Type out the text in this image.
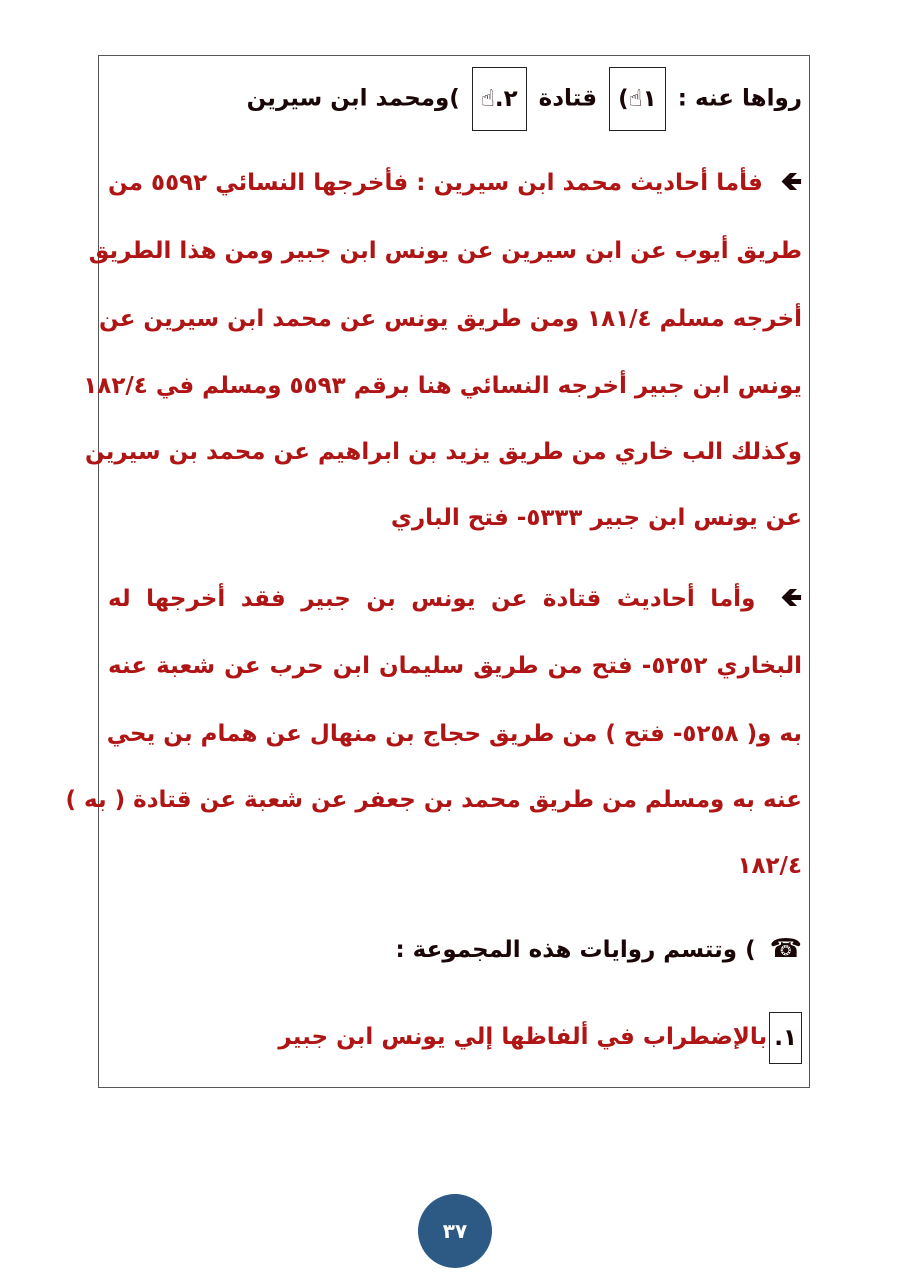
رواها عنه : ١☝) قتادة ٢.☝ )ومحمد ابن سيرين
🡸 فأما أحاديث محمد ابن سيرين : فأخرجها النسائي ٥٥٩٢ من
طريق أيوب عن ابن سيرين عن يونس ابن جبير ومن هذا الطريق
أخرجه مسلم ١٨١/٤ ومن طريق يونس عن محمد ابن سيرين عن
يونس ابن جبير أخرجه النسائي هنا برقم ٥٥٩٣ ومسلم في ١٨٢/٤
وكذلك الب خاري من طريق يزيد بن ابراهيم عن محمد بن سيرين
عن يونس ابن جبير ٥٣٣٣- فتح الباري
🡸 وأما أحاديث قتادة عن يونس بن جبير فقد أخرجها له
البخاري ٥٢٥٢- فتح من طريق سليمان ابن حرب عن شعبة عنه
به و( ٥٢٥٨- فتح ) من طريق حجاج بن منهال عن همام بن يحي
عنه به ومسلم من طريق محمد بن جعفر عن شعبة عن قتادة ( به )
١٨٢/٤
☎ ) وتتسم روايات هذه المجموعة :
١.بالإضطراب في ألفاظها إلي يونس ابن جبير
٣٧
